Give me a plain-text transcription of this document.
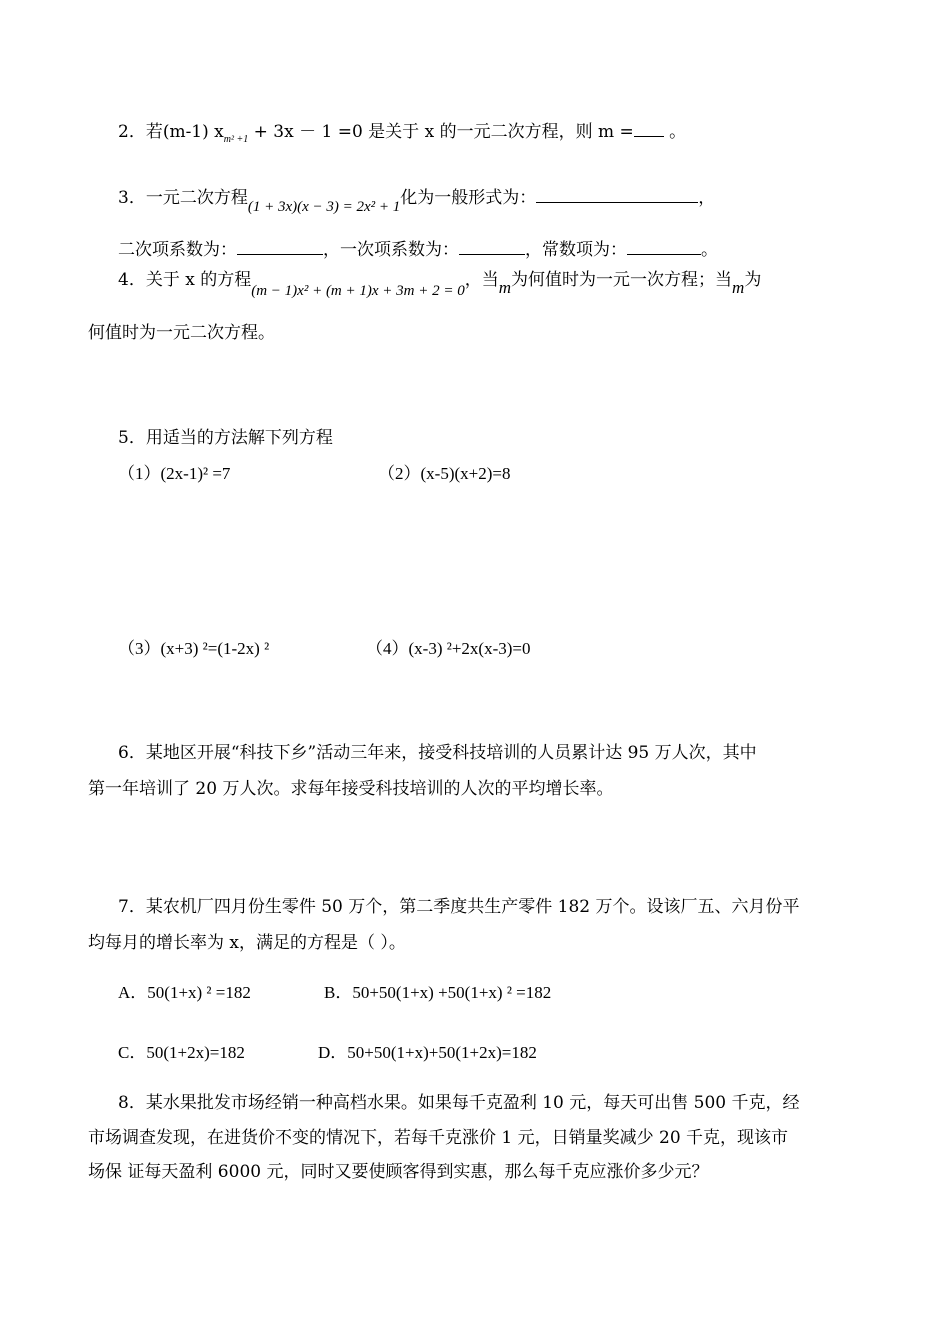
2．若(m-1) $x_{m^2 +1} + 3x - 1 =0$ 是关于 x 的一元二次方程，则 m = 。
3．一元二次方程(1 + 3x)(x − 3) = 2x² + 1化为一般形式为：	，
二次项系数为：	，一次项系数为：	，常数项为：	。
4．关于 x 的方程(m − 1)x² + (m + 1)x + 3m + 2 = 0，当m为何值时为一元一次方程；当m为
何值时为一元二次方程。
5．用适当的方法解下列方程
（1）(2x-1)² =7	（2）(x-5)(x+2)=8
（3）(x+3) ²=(1-2x) ²	（4）(x-3) ²+2x(x-3)=0
6．某地区开展“科技下乡”活动三年来，接受科技培训的人员累计达 95 万人次，其中
第一年培训了 20 万人次。求每年接受科技培训的人次的平均增长率。
7．某农机厂四月份生零件 50 万个，第二季度共生产零件 182 万个。设该厂五、六月份平
均每月的增长率为 x，满足的方程是（ ）。
A．50(1+x) ² =182	B．50+50(1+x) +50(1+x) ² =182
C．50(1+2x)=182	D．50+50(1+x)+50(1+2x)=182
8．某水果批发市场经销一种高档水果。如果每千克盈利 10 元，每天可出售 500 千克，经
市场调查发现，在进货价不变的情况下，若每千克涨价 1 元，日销量奖减少 20 千克，现该市
场保 证每天盈利 6000 元，同时又要使顾客得到实惠，那么每千克应涨价多少元？
